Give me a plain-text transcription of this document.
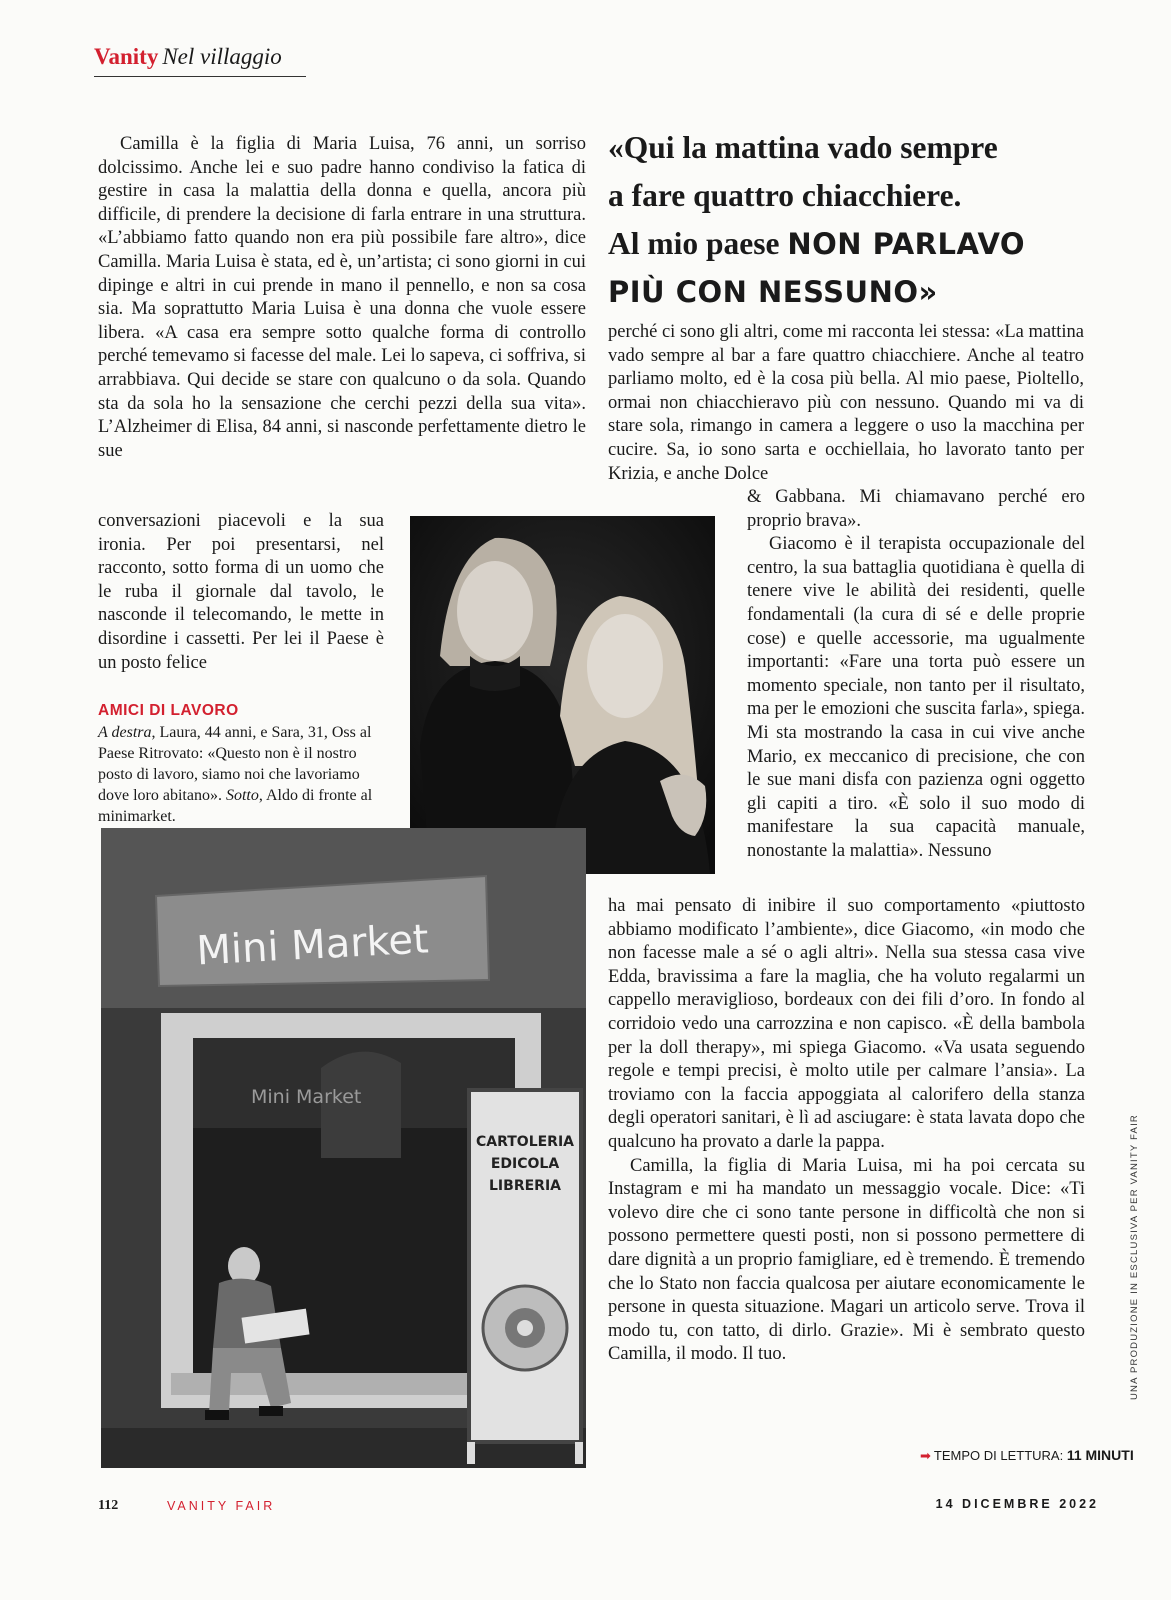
Vanity Nel villaggio

Camilla è la figlia di Maria Luisa, 76 anni, un sorriso dolcissimo. Anche lei e suo padre hanno condiviso la fatica di gestire in casa la malattia della donna e quella, ancora più difficile, di prendere la decisione di farla entrare in una struttura. «L’abbiamo fatto quando non era più possibile fare altro», dice Camilla. Maria Luisa è stata, ed è, un’artista; ci sono giorni in cui dipinge e altri in cui prende in mano il pennello, e non sa cosa sia. Ma soprattutto Maria Luisa è una donna che vuole essere libera. «A casa era sempre sotto qualche forma di controllo perché temevamo si facesse del male. Lei lo sapeva, ci soffriva, si arrabbiava. Qui decide se stare con qualcuno o da sola. Quando sta da sola ho la sensazione che cerchi pezzi della sua vita». L’Alzheimer di Elisa, 84 anni, si nasconde perfettamente dietro le sue

conversazioni piacevoli e la sua ironia. Per poi presentarsi, nel racconto, sotto forma di un uomo che le ruba il giornale dal tavolo, le nasconde il telecomando, le mette in disordine i cassetti. Per lei il Paese è un posto felice

AMICI DI LAVORO
A destra, Laura, 44 anni, e Sara, 31, Oss al Paese Ritrovato: «Questo non è il nostro posto di lavoro, siamo noi che lavoriamo dove loro abitano». Sotto, Aldo di fronte al minimarket.
«Qui la mattina vado sempre
a fare quattro chiacchiere.
Al mio paese NON PARLAVO
PIÙ CON NESSUNO»

perché ci sono gli altri, come mi racconta lei stessa: «La mattina vado sempre al bar a fare quattro chiacchiere. Anche al teatro parliamo molto, ed è la cosa più bella. Al mio paese, Pioltello, ormai non chiacchieravo più con nessuno. Quando mi va di stare sola, rimango in camera a leggere o uso la macchina per cucire. Sa, io sono sarta e occhiellaia, ho lavorato tanto per Krizia, e anche Dolce

& Gabbana. Mi chiamavano perché ero proprio brava».

Giacomo è il terapista occupazionale del centro, la sua battaglia quotidiana è quella di tenere vive le abilità dei residenti, quelle fondamentali (la cura di sé e delle proprie cose) e quelle accessorie, ma ugualmente importanti: «Fare una torta può essere un momento speciale, non tanto per il risultato, ma per le emozioni che suscita farla», spiega. Mi sta mostrando la casa in cui vive anche Mario, ex meccanico di precisione, che con le sue mani disfa con pazienza ogni oggetto gli capiti a tiro. «È solo il suo modo di manifestare la sua capacità manuale, nonostante la malattia». Nessuno

ha mai pensato di inibire il suo comportamento «piuttosto abbiamo modificato l’ambiente», dice Giacomo, «in modo che non facesse male a sé o agli altri». Nella sua stessa casa vive Edda, bravissima a fare la maglia, che ha voluto regalarmi un cappello meraviglioso, bordeaux con dei fili d’oro. In fondo al corridoio vedo una carrozzina e non capisco. «È della bambola per la doll therapy», mi spiega Giacomo. «Va usata seguendo regole e tempi precisi, è molto utile per calmare l’ansia». La troviamo con la faccia appoggiata al calorifero della stanza degli operatori sanitari, è lì ad asciugare: è stata lavata dopo che qualcuno ha provato a darle la pappa.

Camilla, la figlia di Maria Luisa, mi ha poi cercata su Instagram e mi ha mandato un messaggio vocale. Dice: «Ti volevo dire che ci sono tante persone in difficoltà che non si possono permettere questi posti, non si possono permettere di dare dignità a un proprio famigliare, ed è tremendo. È tremendo che lo Stato non faccia qualcosa per aiutare economicamente le persone in questa situazione. Magari un articolo serve. Trova il modo tu, con tatto, di dirlo. Grazie». Mi è sembrato questo Camilla, il modo. Il tuo.

Mini Market
Mini Market
CARTOLERIA
EDICOLA
LIBRERIA
➡ TEMPO DI LETTURA: 11 MINUTI
112	VANITY FAIR	14 DICEMBRE 2022
UNA PRODUZIONE IN ESCLUSIVA PER VANITY FAIR
